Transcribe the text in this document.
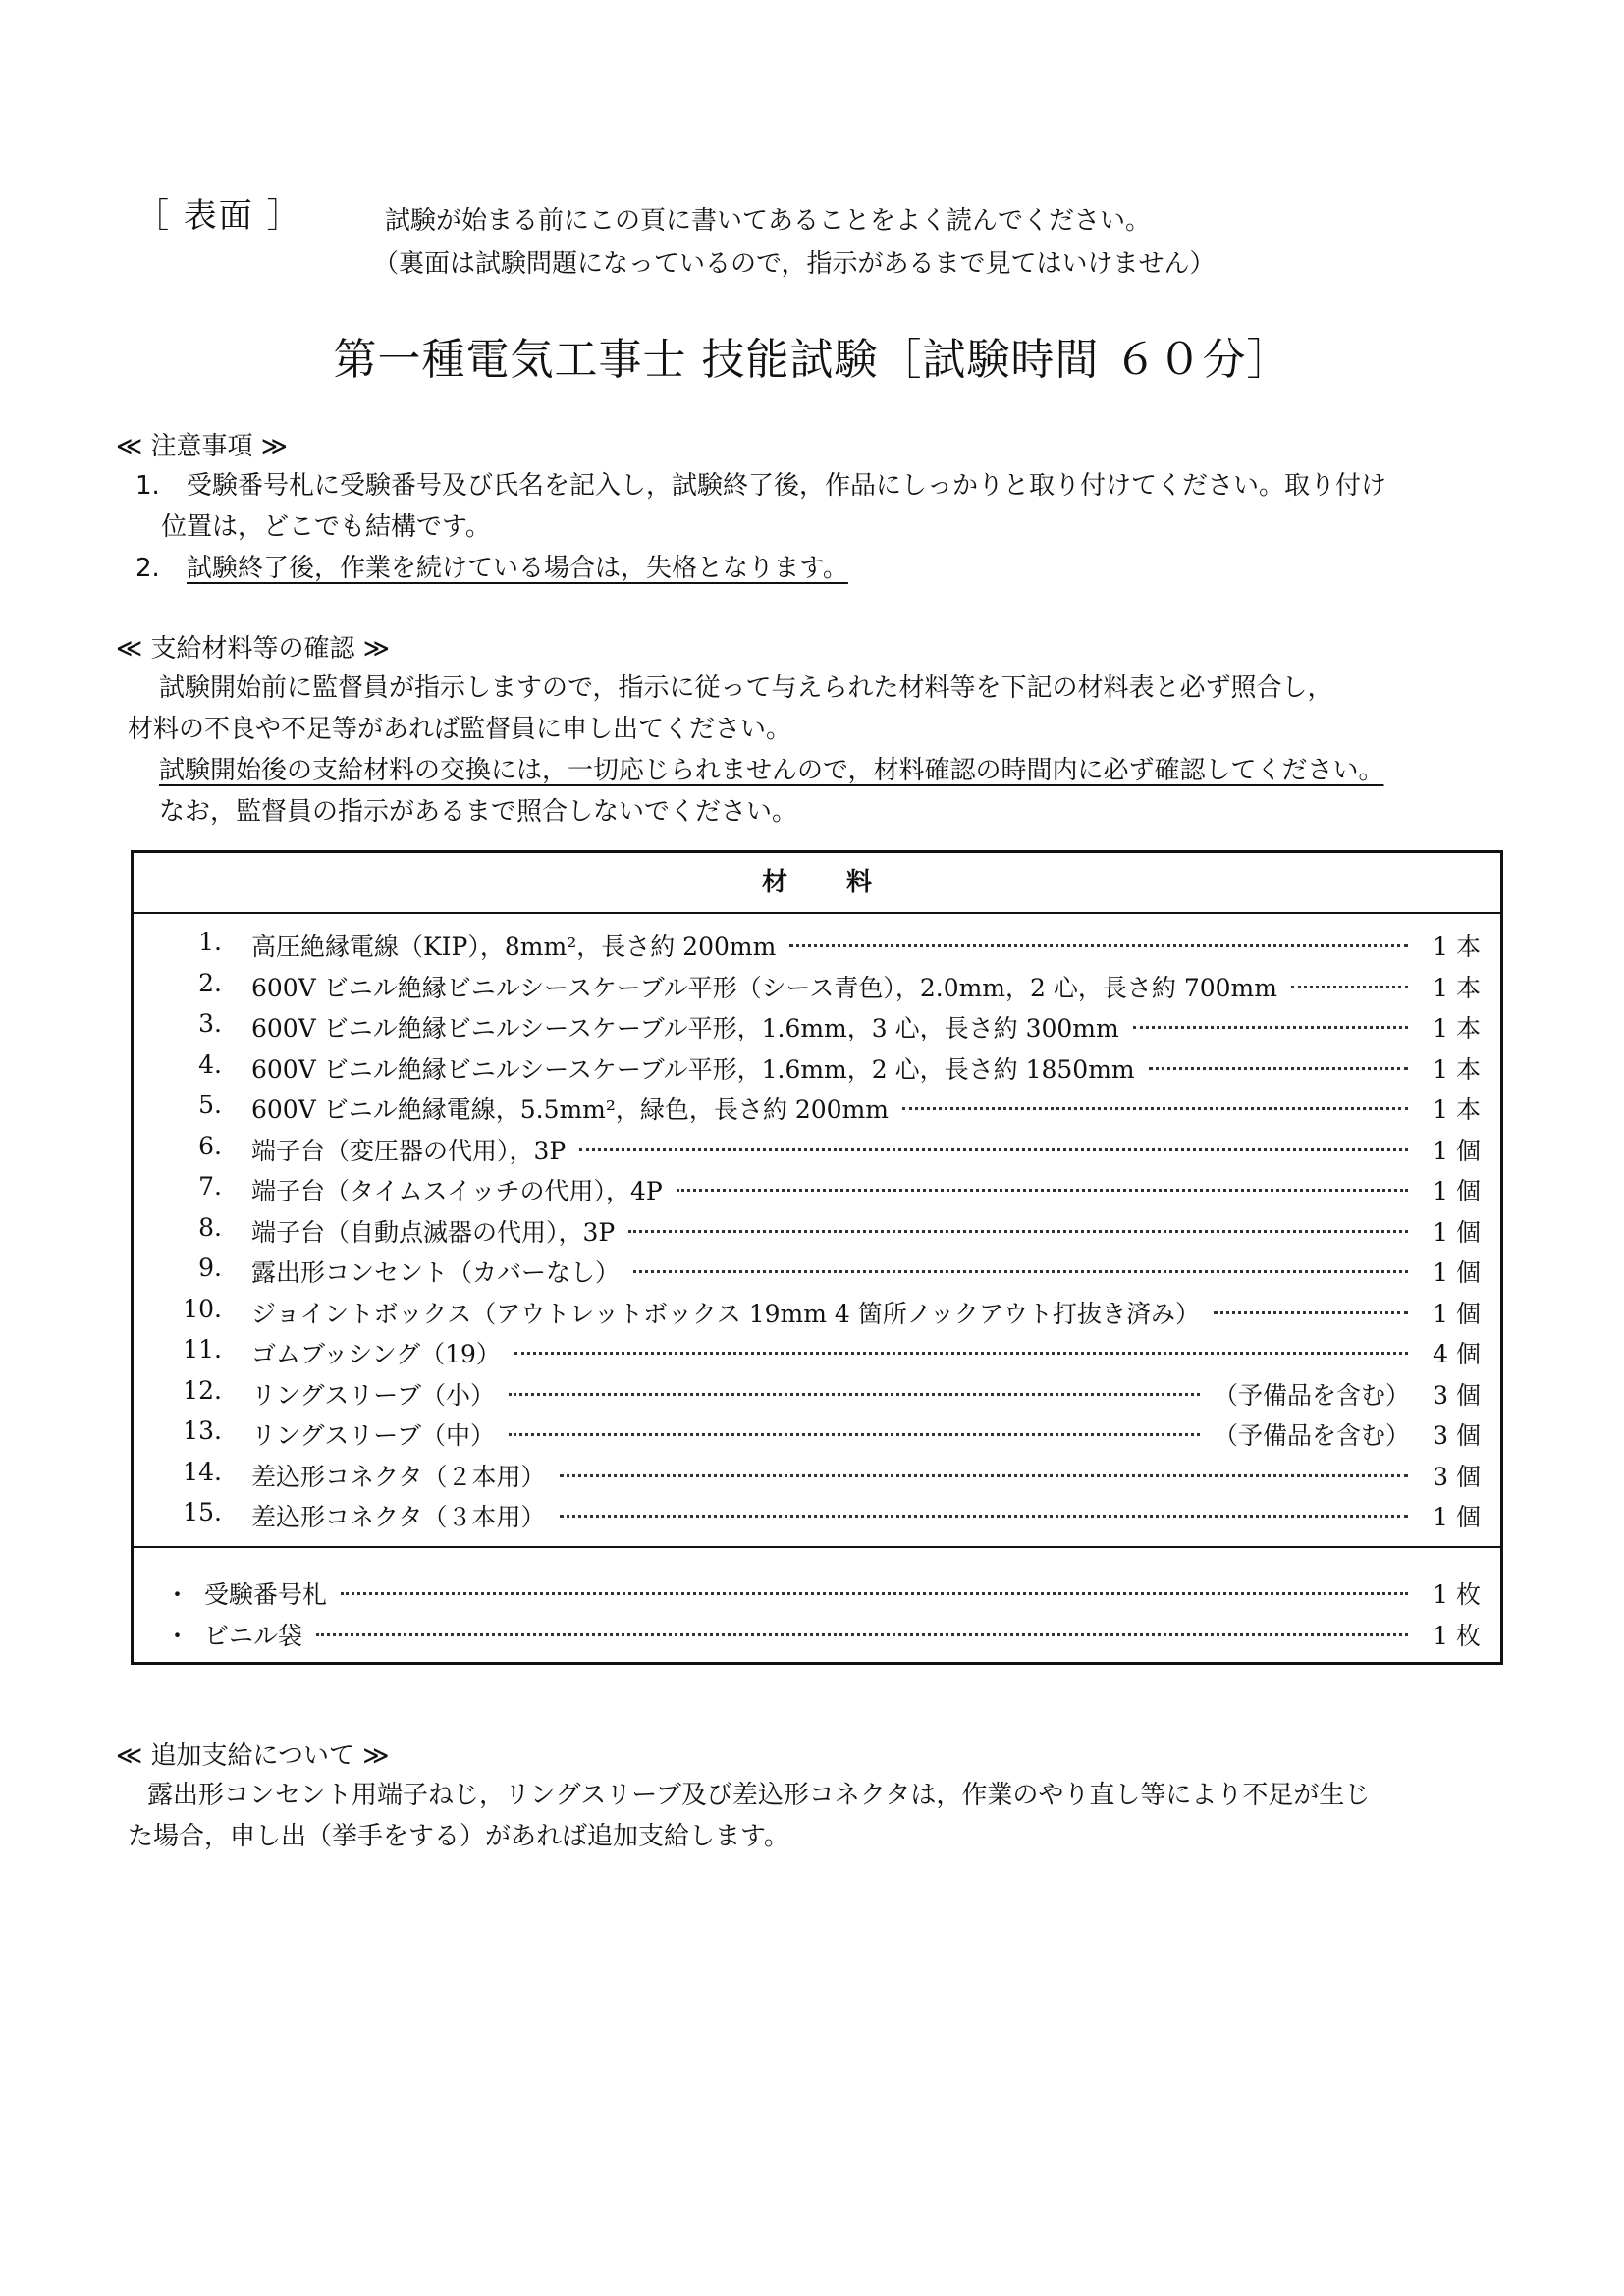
［ 表面 ］	試験が始まる前にこの頁に書いてあることをよく読んでください。
（裏面は試験問題になっているので，指示があるまで見てはいけません）
第一種電気工事士 技能試験［試験時間 ６０分］
≪ 注意事項 ≫
1. 受験番号札に受験番号及び氏名を記入し，試験終了後，作品にしっかりと取り付けてください。取り付け
位置は，どこでも結構です。
2. 試験終了後，作業を続けている場合は，失格となります。
≪ 支給材料等の確認 ≫
試験開始前に監督員が指示しますので，指示に従って与えられた材料等を下記の材料表と必ず照合し，
材料の不良や不足等があれば監督員に申し出てください。
試験開始後の支給材料の交換には，一切応じられませんので，材料確認の時間内に必ず確認してください。
なお，監督員の指示があるまで照合しないでください。
材料
1. 高圧絶縁電線（KIP），8mm²，長さ約 200mm	1 本
2. 600V ビニル絶縁ビニルシースケーブル平形（シース青色），2.0mm，2 心，長さ約 700mm	1 本
3. 600V ビニル絶縁ビニルシースケーブル平形，1.6mm，3 心，長さ約 300mm	1 本
4. 600V ビニル絶縁ビニルシースケーブル平形，1.6mm，2 心，長さ約 1850mm	1 本
5. 600V ビニル絶縁電線，5.5mm²，緑色，長さ約 200mm	1 本
6. 端子台（変圧器の代用），3P	1 個
7. 端子台（タイムスイッチの代用），4P	1 個
8. 端子台（自動点滅器の代用），3P	1 個
9. 露出形コンセント（カバーなし）	1 個
10. ジョイントボックス（アウトレットボックス 19mm 4 箇所ノックアウト打抜き済み）	1 個
11. ゴムブッシング（19）	4 個
12. リングスリーブ（小）	（予備品を含む） 3 個
13. リングスリーブ（中）	（予備品を含む） 3 個
14. 差込形コネクタ（２本用）	3 個
15. 差込形コネクタ（３本用）	1 個
・ 受験番号札	1 枚
・ ビニル袋	1 枚
≪ 追加支給について ≫
露出形コンセント用端子ねじ，リングスリーブ及び差込形コネクタは，作業のやり直し等により不足が生じ
た場合，申し出（挙手をする）があれば追加支給します。
